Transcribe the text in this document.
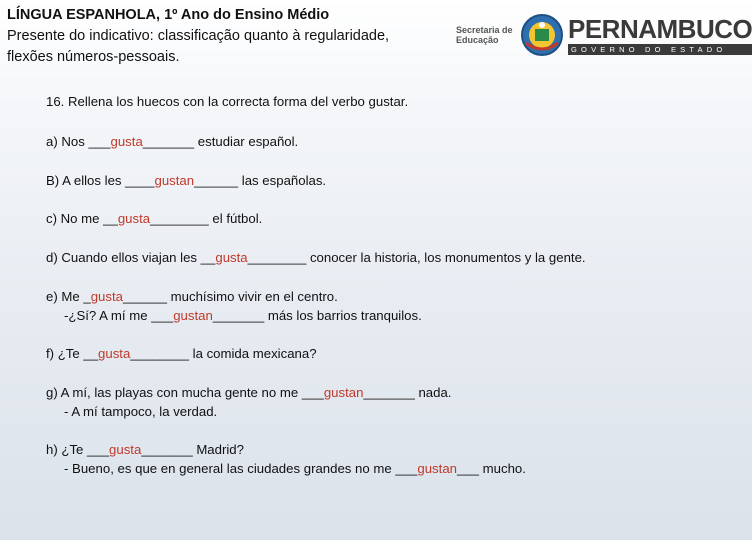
LÍNGUA ESPANHOLA, 1º Ano do Ensino Médio
Presente do indicativo: classificação quanto à regularidade,
flexões números-pessoais.
Secretaria de
Educação	PERNAMBUCO
GOVERNO DO ESTADO
16. Rellena los huecos con la correcta forma del verbo gustar.
a) Nos ___gusta_______ estudiar español.
B) A ellos les ____gustan______ las españolas.
c) No me __gusta________ el fútbol.
d) Cuando ellos viajan les __gusta________ conocer la historia, los monumentos y la gente.
e) Me _gusta______ muchísimo vivir en el centro.
-¿Sí? A mí me ___gustan_______ más los barrios tranquilos.
f) ¿Te __gusta________ la comida mexicana?
g) A mí, las playas con mucha gente no me ___gustan_______ nada.
- A mí tampoco, la verdad.
h) ¿Te ___gusta_______ Madrid?
- Bueno, es que en general las ciudades grandes no me ___gustan___ mucho.
